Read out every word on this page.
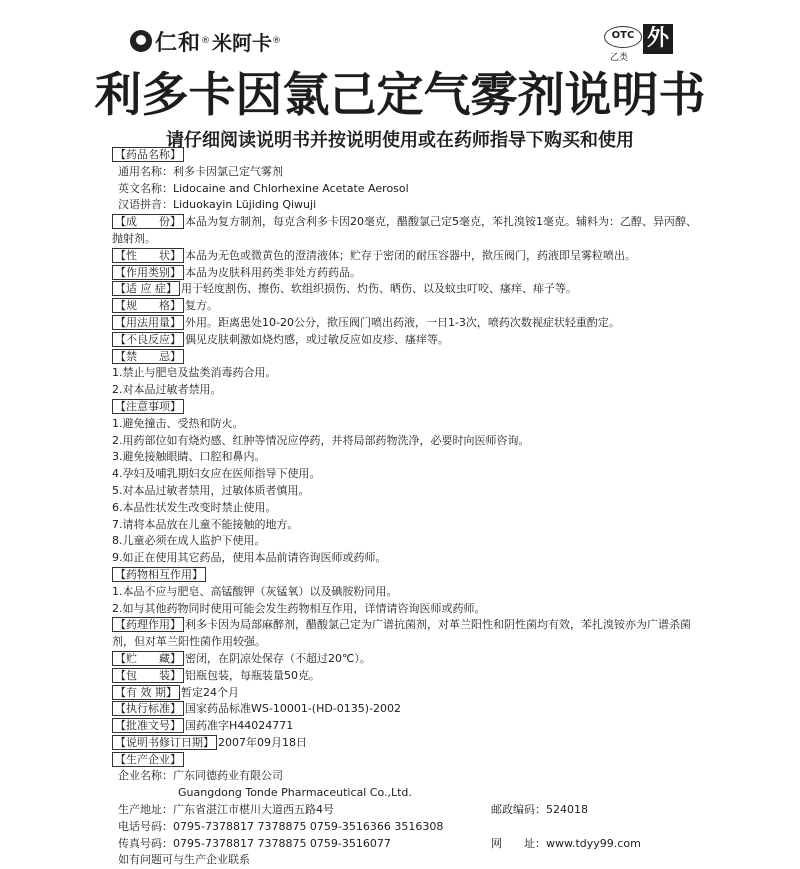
仁和 ® 米阿卡 ®	OTC
乙类
外
利多卡因氯己定气雾剂说明书
请仔细阅读说明书并按说明使用或在药师指导下购买和使用
【药品名称】
通用名称：利多卡因氯己定气雾剂
英文名称：Lidocaine and Chlorhexine Acetate Aerosol
汉语拼音：Liduokayin Lüjiding Qiwuji
【成　　份】 本品为复方制剂，每克含利多卡因20毫克，醋酸氯己定5毫克，苯扎溴铵1毫克。辅料为：乙醇、异丙醇、抛射剂。
【性　　状】 本品为无色或微黄色的澄清液体；贮存于密闭的耐压容器中，揿压阀门，药液即呈雾粒喷出。
【作用类别】 本品为皮肤科用药类非处方药药品。
【适 应 症】 用于轻度割伤、擦伤、软组织损伤、灼伤、晒伤、以及蚊虫叮咬、瘙痒、痱子等。
【规　　格】 复方。
【用法用量】 外用。距离患处10-20公分，揿压阀门喷出药液，一日1-3次，喷药次数视症状轻重酌定。
【不良反应】 偶见皮肤刺激如烧灼感，或过敏反应如皮疹、瘙痒等。
【禁　　忌】
1.禁止与肥皂及盐类消毒药合用。
2.对本品过敏者禁用。
【注意事项】
1.避免撞击、受热和防火。
2.用药部位如有烧灼感、红肿等情况应停药，并将局部药物洗净，必要时向医师咨询。
3.避免接触眼睛、口腔和鼻内。
4.孕妇及哺乳期妇女应在医师指导下使用。
5.对本品过敏者禁用，过敏体质者慎用。
6.本品性状发生改变时禁止使用。
7.请将本品放在儿童不能接触的地方。
8.儿童必须在成人监护下使用。
9.如正在使用其它药品，使用本品前请咨询医师或药师。
【药物相互作用】
1.本品不应与肥皂、高锰酸钾（灰锰氧）以及碘胺粉同用。
2.如与其他药物同时使用可能会发生药物相互作用，详情请咨询医师或药师。
【药理作用】 利多卡因为局部麻醉剂，醋酸氯己定为广谱抗菌剂，对革兰阳性和阴性菌均有效，苯扎溴铵亦为广谱杀菌剂，但对革兰阳性菌作用较强。
【贮　　藏】 密闭，在阴凉处保存（不超过20℃）。
【包　　装】 铝瓶包装，每瓶装量50克。
【有 效 期】 暂定24个月
【执行标准】 国家药品标准WS-10001-(HD-0135)-2002
【批准文号】 国药准字H44024771
【说明书修订日期】 2007年09月18日
【生产企业】
企业名称：广东同德药业有限公司
Guangdong Tonde Pharmaceutical Co.,Ltd.
生产地址：广东省湛江市椹川大道西五路4号	邮政编码：524018
电话号码：0795-7378817 7378875 0759-3516366 3516308
传真号码：0795-7378817 7378875 0759-3516077	网　　址：www.tdyy99.com
如有问题可与生产企业联系
